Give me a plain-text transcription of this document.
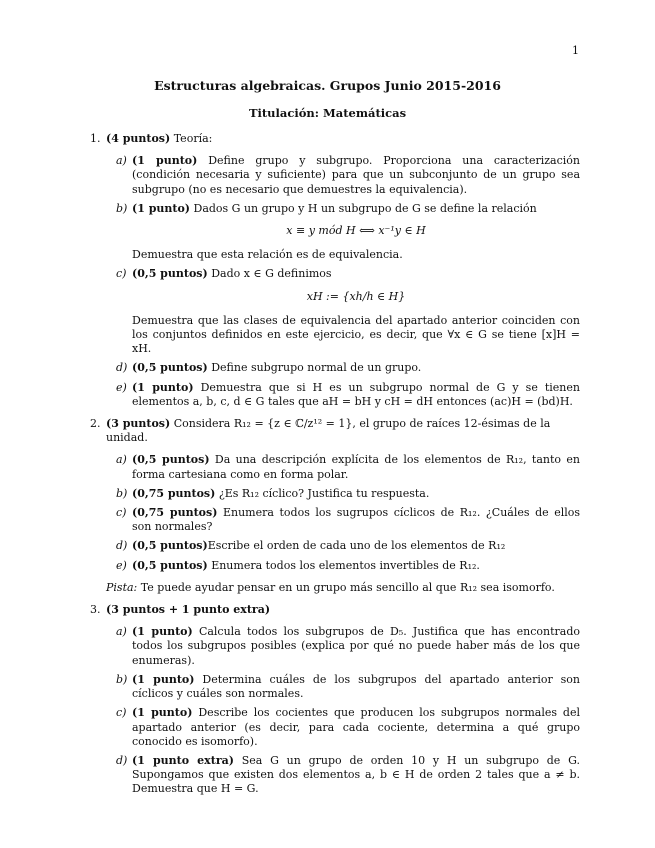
1
Estructuras algebraicas. Grupos Junio 2015-2016
Titulación: Matemáticas
1. (4 puntos) Teoría:
a) (1 punto) Define grupo y subgrupo. Proporciona una caracterización (condición necesaria y suficiente) para que un subconjunto de un grupo sea subgrupo (no es necesario que demuestres la equivalencia).
b) (1 punto) Dados G un grupo y H un subgrupo de G se define la relación
x ≡ y mód H ⟺ x⁻¹y ∈ H
Demuestra que esta relación es de equivalencia.
c) (0,5 puntos) Dado x ∈ G definimos
xH := {xh/h ∈ H}
Demuestra que las clases de equivalencia del apartado anterior coinciden con los conjuntos definidos en este ejercicio, es decir, que ∀x ∈ G se tiene [x]H = xH.
d) (0,5 puntos) Define subgrupo normal de un grupo.
e) (1 punto) Demuestra que si H es un subgrupo normal de G y se tienen elementos a, b, c, d ∈ G tales que aH = bH y cH = dH entonces (ac)H = (bd)H.
2. (3 puntos) Considera R₁₂ = {z ∈ ℂ/z¹² = 1}, el grupo de raíces 12-ésimas de la unidad.
a) (0,5 puntos) Da una descripción explícita de los elementos de R₁₂, tanto en forma cartesiana como en forma polar.
b) (0,75 puntos) ¿Es R₁₂ cíclico? Justifica tu respuesta.
c) (0,75 puntos) Enumera todos los sugrupos cíclicos de R₁₂. ¿Cuáles de ellos son normales?
d) (0,5 puntos)Escribe el orden de cada uno de los elementos de R₁₂
e) (0,5 puntos) Enumera todos los elementos invertibles de R₁₂.
Pista: Te puede ayudar pensar en un grupo más sencillo al que R₁₂ sea isomorfo.
3. (3 puntos + 1 punto extra)
a) (1 punto) Calcula todos los subgrupos de D₅. Justifica que has encontrado todos los subgrupos posibles (explica por qué no puede haber más de los que enumeras).
b) (1 punto) Determina cuáles de los subgrupos del apartado anterior son cíclicos y cuáles son normales.
c) (1 punto) Describe los cocientes que producen los subgrupos normales del apartado anterior (es decir, para cada cociente, determina a qué grupo conocido es isomorfo).
d) (1 punto extra) Sea G un grupo de orden 10 y H un subgrupo de G. Supongamos que existen dos elementos a, b ∈ H de orden 2 tales que a ≠ b. Demuestra que H = G.
